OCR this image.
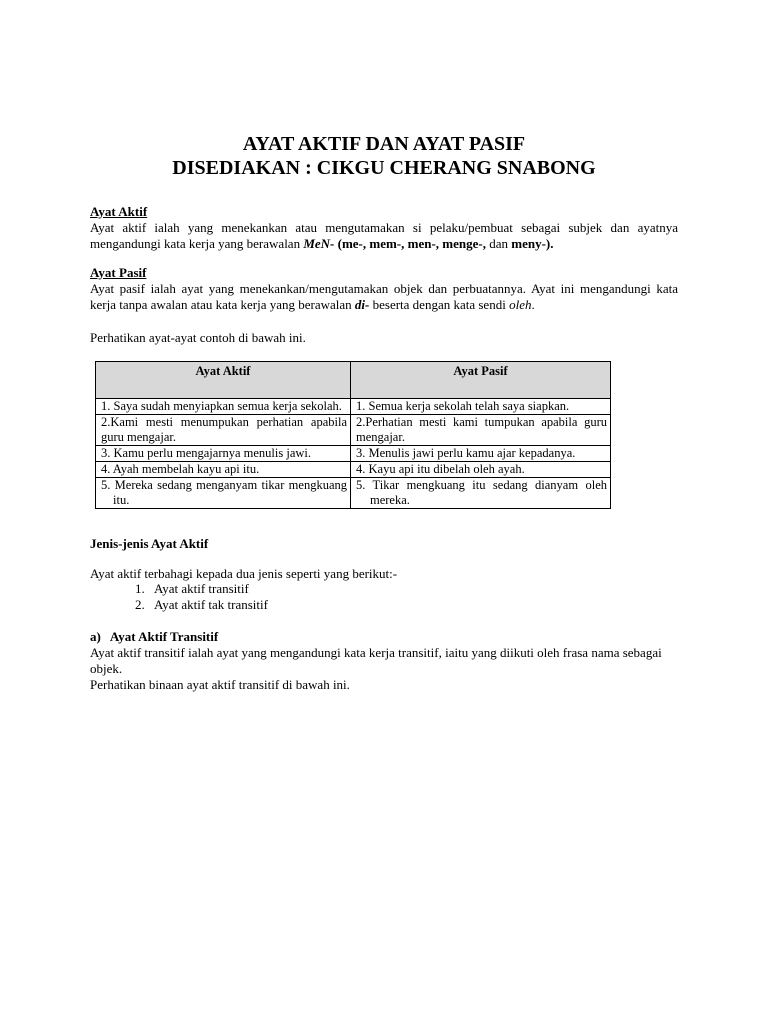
AYAT AKTIF DAN AYAT PASIF
DISEDIAKAN : CIKGU CHERANG SNABONG
Ayat Aktif
Ayat aktif ialah yang menekankan atau mengutamakan si pelaku/pembuat sebagai subjek dan ayatnya mengandungi kata kerja yang berawalan MeN- (me-, mem-, men-, menge-, dan meny-).
Ayat Pasif
Ayat pasif ialah ayat yang menekankan/mengutamakan objek dan perbuatannya. Ayat ini mengandungi kata kerja tanpa awalan atau kata kerja yang berawalan di- beserta dengan kata sendi oleh.
Perhatikan ayat-ayat contoh di bawah ini.
Ayat Aktif	Ayat Pasif

1. Saya sudah menyiapkan semua kerja sekolah.	1. Semua kerja sekolah telah saya siapkan.
2.Kami mesti menumpukan perhatian apabila guru mengajar.	2.Perhatian mesti kami tumpukan apabila guru mengajar.
3. Kamu perlu mengajarnya menulis jawi.	3. Menulis jawi perlu kamu ajar kepadanya.
4. Ayah membelah kayu api itu.	4. Kayu api itu dibelah oleh ayah.

5. Mereka sedang menganyam tikar mengkuang itu.	5. Tikar mengkuang itu sedang dianyam oleh mereka.
Jenis-jenis Ayat Aktif
Ayat aktif terbahagi kepada dua jenis seperti yang berikut:-
1. Ayat aktif transitif
2. Ayat aktif tak transitif
a)   Ayat Aktif Transitif
Ayat aktif transitif ialah ayat yang mengandungi kata kerja transitif, iaitu yang diikuti oleh frasa nama sebagai objek.
Perhatikan binaan ayat aktif transitif di bawah ini.
